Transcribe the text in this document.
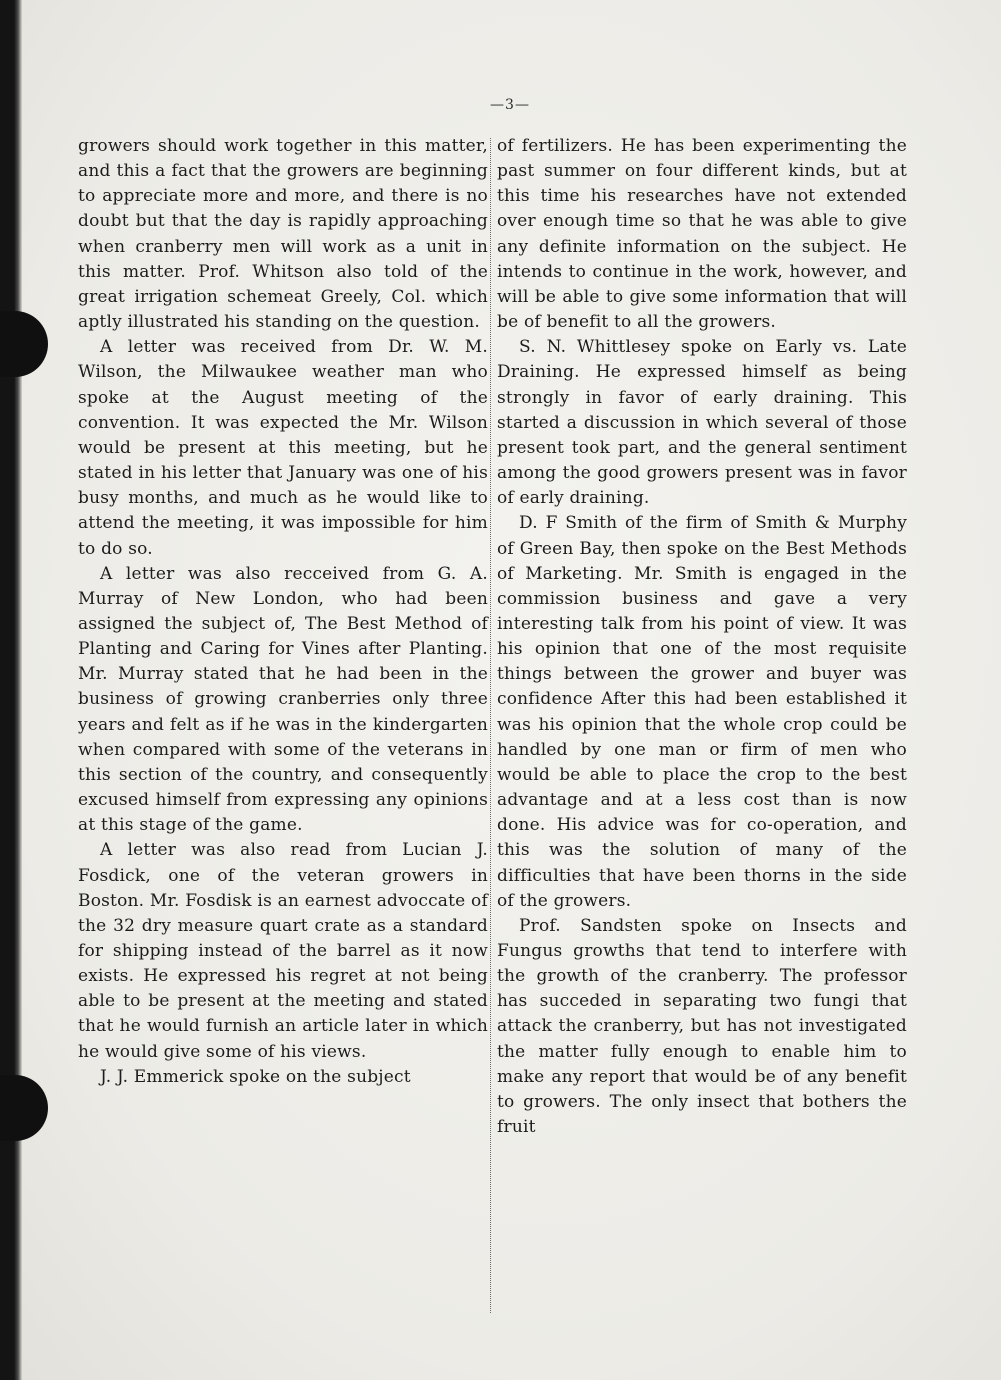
—3—

growers should work together in this matter, and this a fact that the growers are beginning to appreciate more and more, and there is no doubt but that the day is rapidly approaching when cranberry men will work as a unit in this matter. Prof. Whitson also told of the great irrigation schemeat Greely, Col. which aptly illustrated his standing on the question.

A letter was received from Dr. W. M. Wilson, the Milwaukee weather man who spoke at the August meeting of the convention. It was expected the Mr. Wilson would be present at this meeting, but he stated in his letter that January was one of his busy months, and much as he would like to attend the meeting, it was impossible for him to do so.

A letter was also recceived from G. A. Murray of New London, who had been assigned the subject of, The Best Method of Planting and Caring for Vines after Planting. Mr. Murray stated that he had been in the business of growing cranberries only three years and felt as if he was in the kindergarten when compared with some of the veterans in this section of the country, and consequently excused himself from expressing any opinions at this stage of the game.

A letter was also read from Lucian J. Fosdick, one of the veteran growers in Boston. Mr. Fosdisk is an earnest advoccate of the 32 dry measure quart crate as a standard for shipping instead of the barrel as it now exists. He expressed his regret at not being able to be present at the meeting and stated that he would furnish an article later in which he would give some of his views.

J. J. Emmerick spoke on the subject

of fertilizers. He has been experimenting the past summer on four different kinds, but at this time his researches have not extended over enough time so that he was able to give any definite information on the subject. He intends to continue in the work, however, and will be able to give some information that will be of benefit to all the growers.

S. N. Whittlesey spoke on Early vs. Late Draining. He expressed himself as being strongly in favor of early draining. This started a discussion in which several of those present took part, and the general sentiment among the good growers present was in favor of early draining.

D. F Smith of the firm of Smith & Murphy of Green Bay, then spoke on the Best Methods of Marketing. Mr. Smith is engaged in the commission business and gave a very interesting talk from his point of view. It was his opinion that one of the most requisite things between the grower and buyer was confidence After this had been established it was his opinion that the whole crop could be handled by one man or firm of men who would be able to place the crop to the best advantage and at a less cost than is now done. His advice was for co-operation, and this was the solution of many of the difficulties that have been thorns in the side of the growers.

Prof. Sandsten spoke on Insects and Fungus growths that tend to interfere with the growth of the cranberry. The professor has succeded in separating two fungi that attack the cranberry, but has not investigated the matter fully enough to enable him to make any report that would be of any benefit to growers. The only insect that bothers the fruit
